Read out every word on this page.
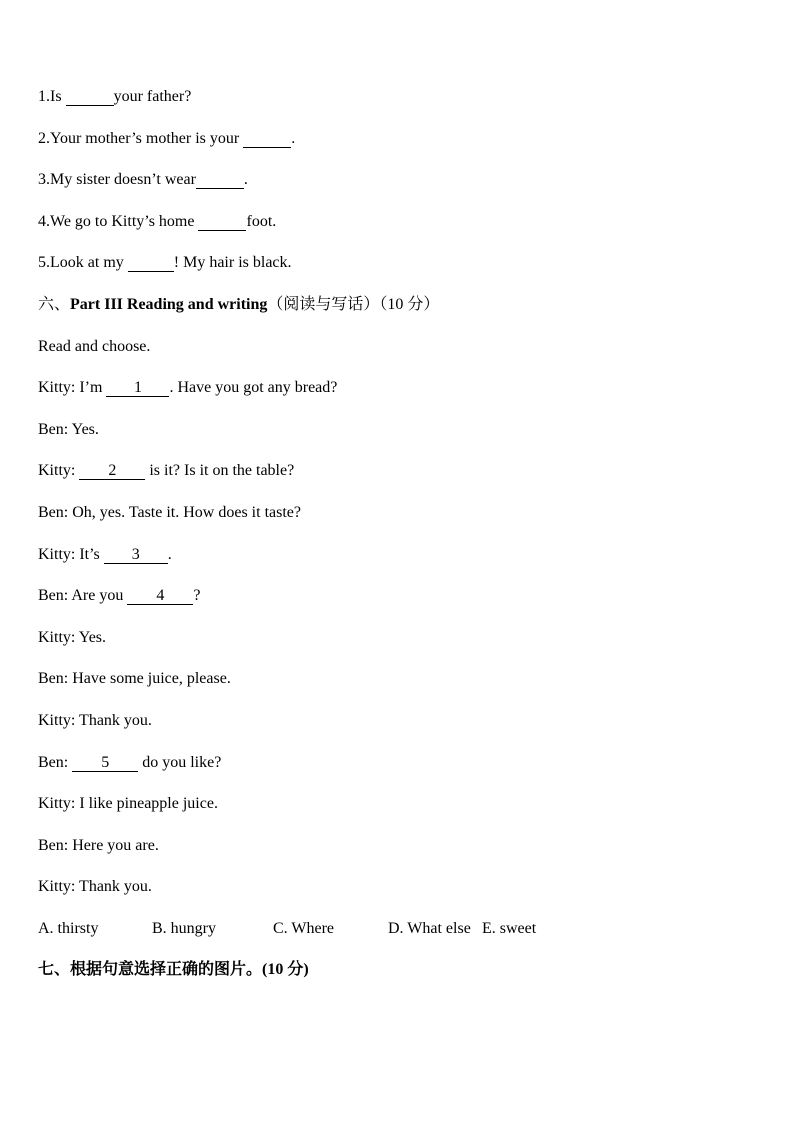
1.Is	your father?
2.Your mother’s mother is your	.
3.My sister doesn’t wear	.
4.We go to Kitty’s home	foot.
5.Look at my	! My hair is black.
六、Part III Reading and writing（阅读与写话）（10 分）
Read and choose.
Kitty: I’m 1 . Have you got any bread?
Ben: Yes.
Kitty: 2 is it? Is it on the table?
Ben: Oh, yes. Taste it. How does it taste?
Kitty: It’s 3 .
Ben: Are you 4 ?
Kitty: Yes.
Ben: Have some juice, please.
Kitty: Thank you.
Ben: 5 do you like?
Kitty: I like pineapple juice.
Ben: Here you are.
Kitty: Thank you.

A. thirsty

	B. hungry

	C. Where

	D. What else

E. sweet

七、根据句意选择正确的图片。(10 分)
